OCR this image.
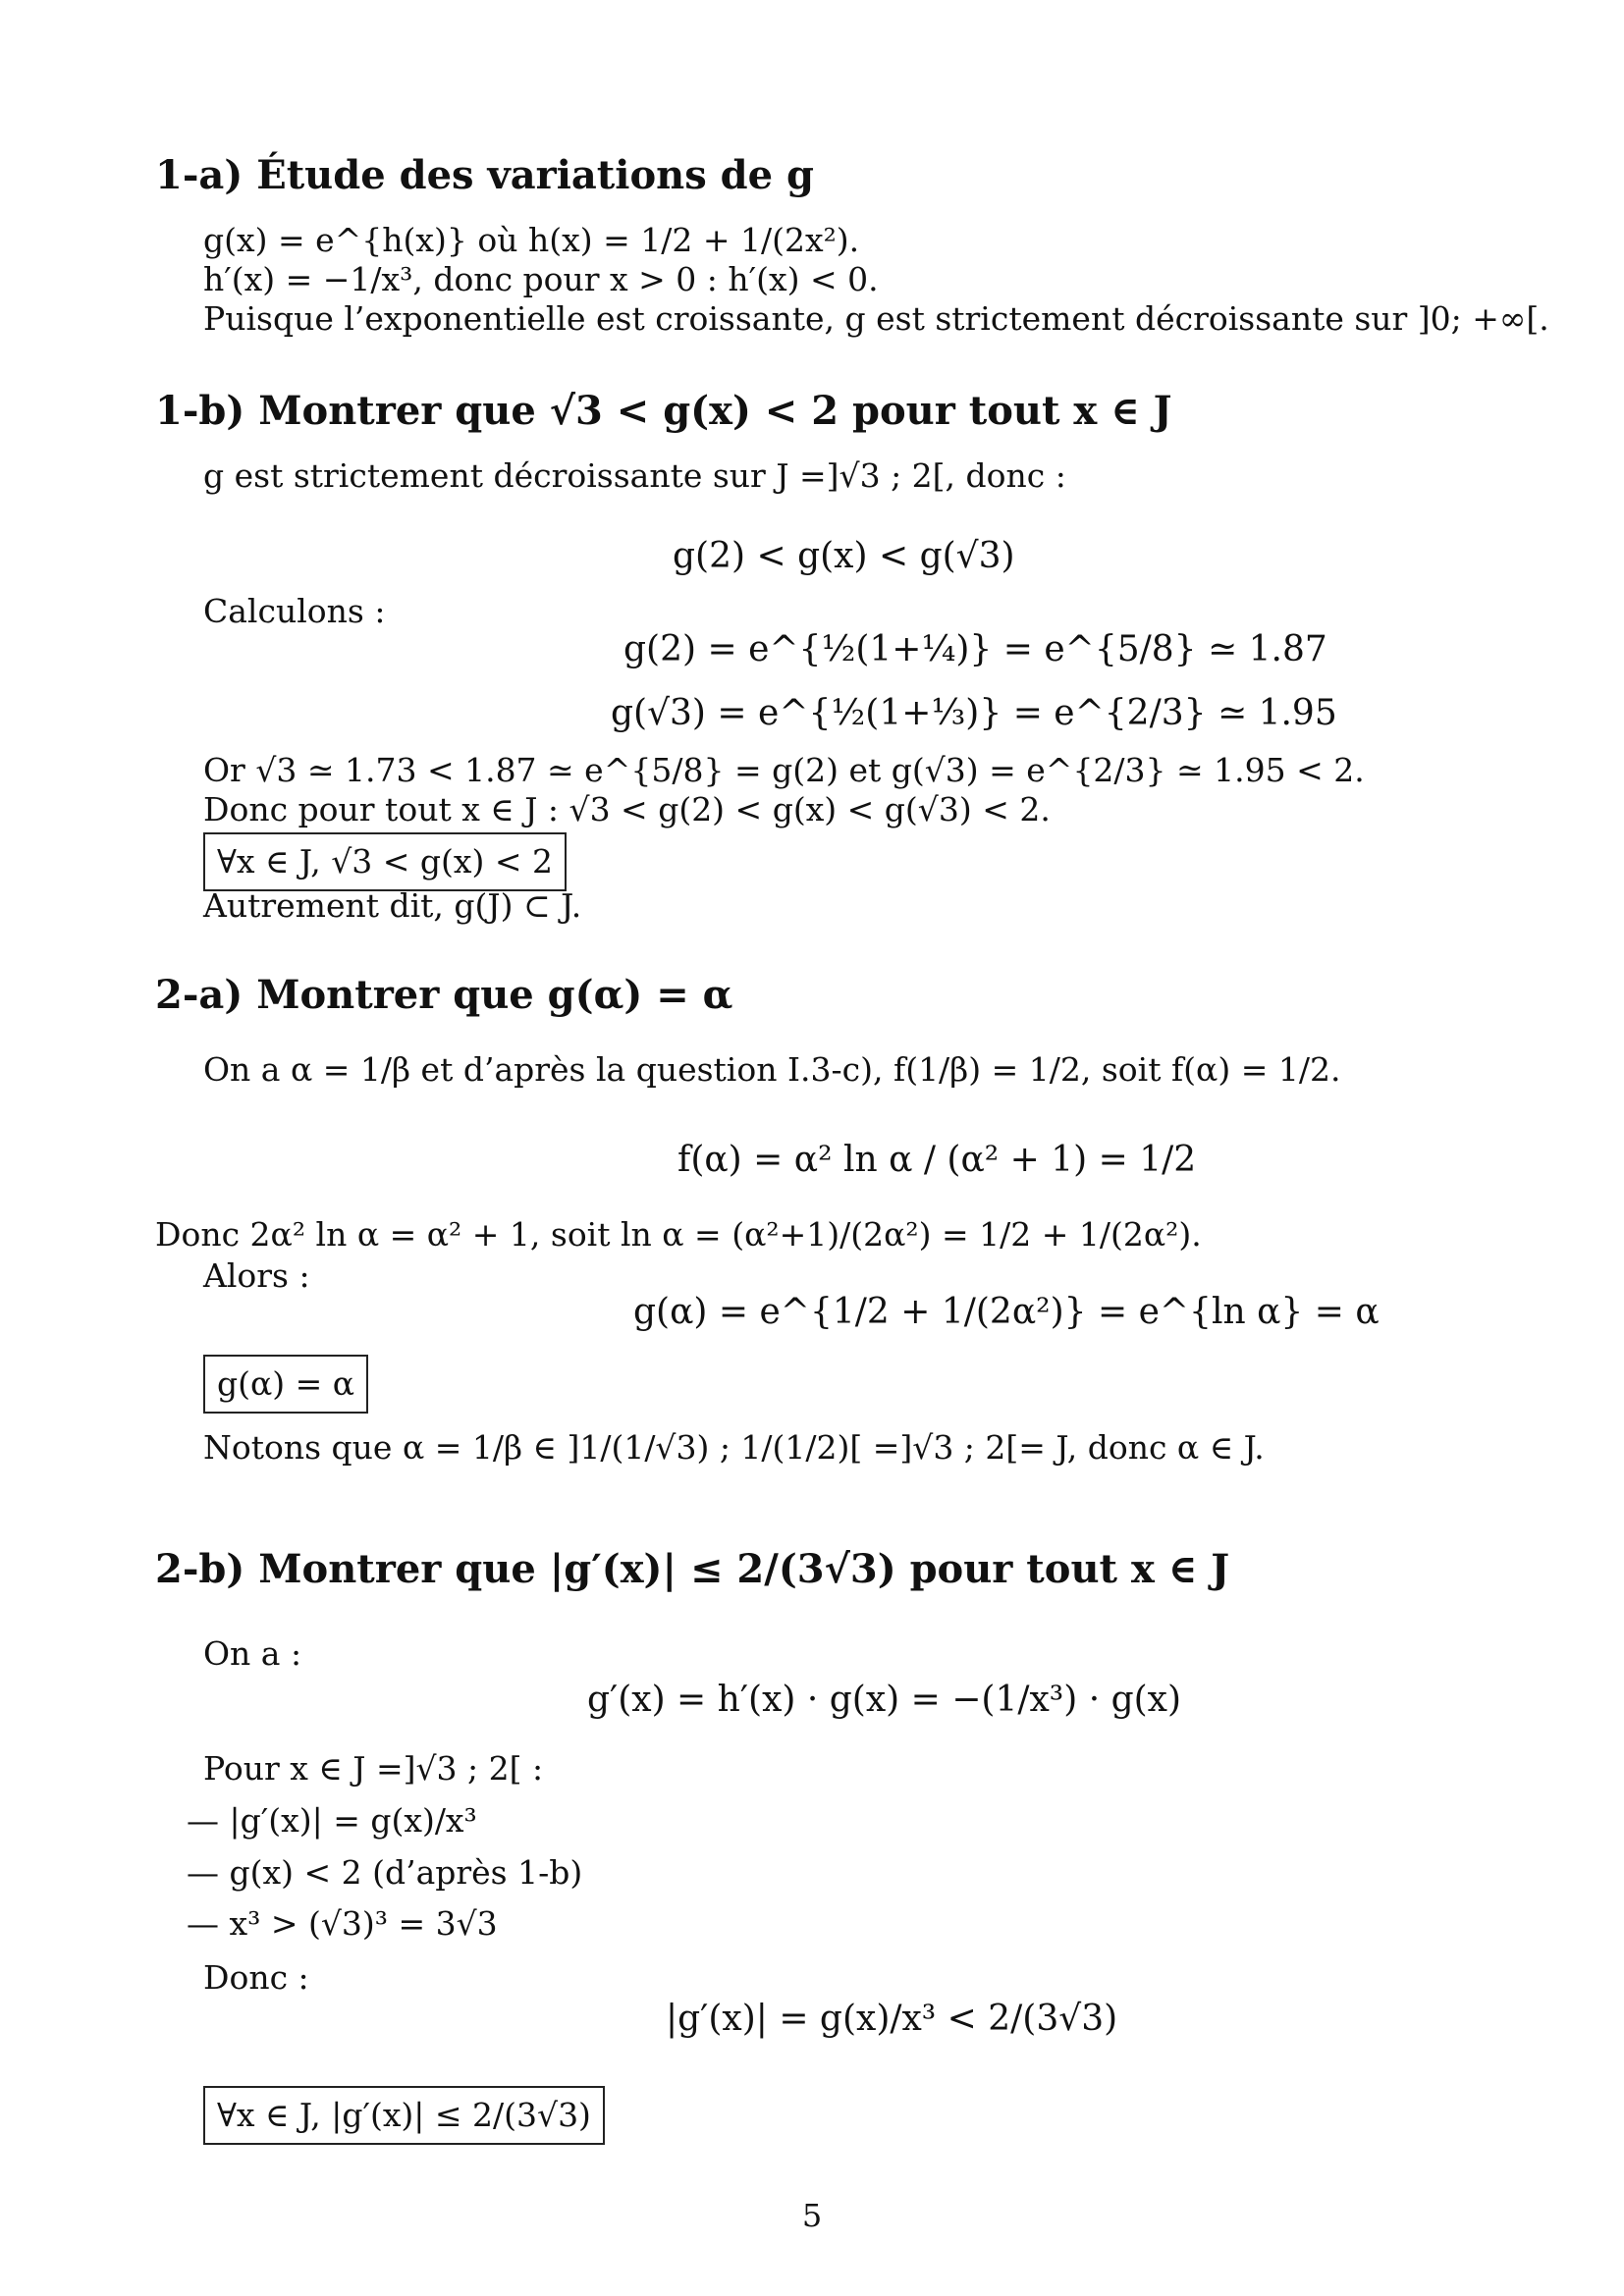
1-a) Étude des variations de g
g(x) = e^{h(x)} où h(x) = 1/2 + 1/(2x²).
h′(x) = −1/x³, donc pour x > 0 : h′(x) < 0.
Puisque l’exponentielle est croissante, g est strictement décroissante sur ]0; +∞[.
1-b) Montrer que √3 < g(x) < 2 pour tout x ∈ J
g est strictement décroissante sur J =]√3 ; 2[, donc :
g(2) < g(x) < g(√3)
Calculons :
g(2) = e^{½(1+¼)} = e^{5/8} ≃ 1.87
g(√3) = e^{½(1+⅓)} = e^{2/3} ≃ 1.95
Or √3 ≃ 1.73 < 1.87 ≃ e^{5/8} = g(2) et g(√3) = e^{2/3} ≃ 1.95 < 2.
Donc pour tout x ∈ J : √3 < g(2) < g(x) < g(√3) < 2.
∀x ∈ J, √3 < g(x) < 2
Autrement dit, g(J) ⊂ J.
2-a) Montrer que g(α) = α
On a α = 1/β et d’après la question I.3-c), f(1/β) = 1/2, soit f(α) = 1/2.
f(α) = α² ln α / (α² + 1) = 1/2
Donc 2α² ln α = α² + 1, soit ln α = (α²+1)/(2α²) = 1/2 + 1/(2α²).
Alors :
g(α) = e^{1/2 + 1/(2α²)} = e^{ln α} = α
g(α) = α
Notons que α = 1/β ∈ ]1/(1/√3) ; 1/(1/2)[ =]√3 ; 2[= J, donc α ∈ J.
2-b) Montrer que |g′(x)| ≤ 2/(3√3) pour tout x ∈ J
On a :
g′(x) = h′(x) · g(x) = −(1/x³) · g(x)
Pour x ∈ J =]√3 ; 2[ :
— |g′(x)| = g(x)/x³
— g(x) < 2 (d’après 1-b)
— x³ > (√3)³ = 3√3
Donc :
|g′(x)| = g(x)/x³ < 2/(3√3)
∀x ∈ J, |g′(x)| ≤ 2/(3√3)
5
